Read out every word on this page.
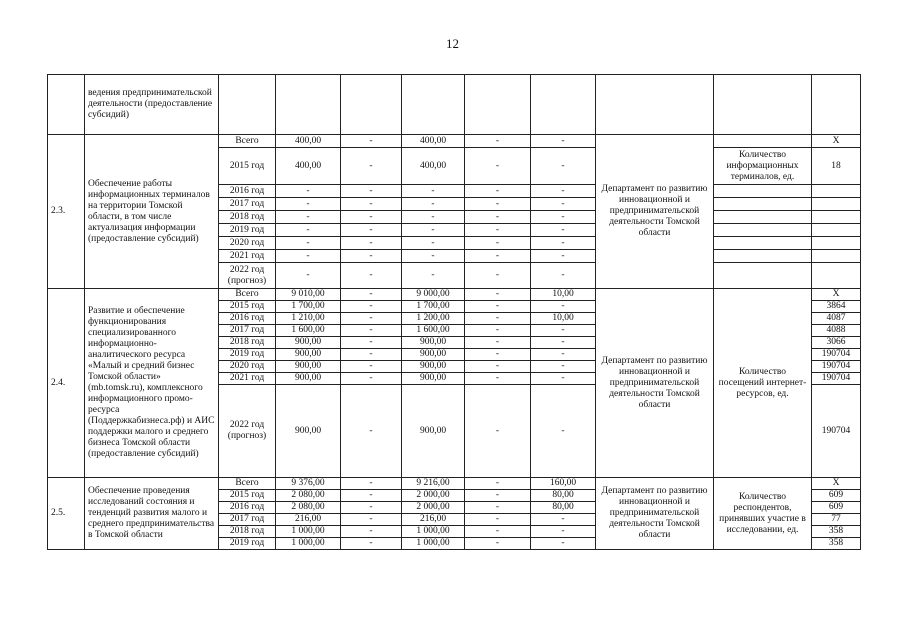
12
	ведения предпринимательской деятельности (предоставление субсидий)									
2.3.	Обеспечение работы информационных терминалов на территории Томской области, в том числе актуализация информации (предоставление субсидий)	Всего	400,00	-	400,00	-	-	Департамент по развитию инновационной и предпринимательской деятельности Томской области		X
		2015 год	400,00	-	400,00	-	-		Количество информационных терминалов, ед.	18
		2016 год	-	-	-	-	-			
		2017 год	-	-	-	-	-			
		2018 год	-	-	-	-	-			
		2019 год	-	-	-	-	-			
		2020 год	-	-	-	-	-			
		2021 год	-	-	-	-	-			
		2022 год (прогноз)	-	-	-	-	-			
2.4.	Развитие и обеспечение функционирования специализированного информационно-аналитического ресурса «Малый и средний бизнес Томской области» (mb.tomsk.ru), комплексного информационного промо-ресурса (Поддержкабизнеса.рф) и АИС поддержки малого и среднего бизнеса Томской области (предоставление субсидий)	Всего	9 010,00	-	9 000,00	-	10,00	Департамент по развитию инновационной и предпринимательской деятельности Томской области	Количество посещений интернет-ресурсов, ед.	X
		2015 год	1 700,00	-	1 700,00	-	-			3864
		2016 год	1 210,00	-	1 200,00	-	10,00			4087
		2017 год	1 600,00	-	1 600,00	-	-			4088
		2018 год	900,00	-	900,00	-	-			3066
		2019 год	900,00	-	900,00	-	-			190704
		2020 год	900,00	-	900,00	-	-			190704
		2021 год	900,00	-	900,00	-	-			190704
		2022 год (прогноз)	900,00	-	900,00	-	-			190704
2.5.	Обеспечение проведения исследований состояния и тенденций развития малого и среднего предпринимательства в Томской области	Всего	9 376,00	-	9 216,00	-	160,00	Департамент по развитию инновационной и предпринимательской деятельности Томской области	Количество респондентов, принявших участие в исследовании, ед.	X
		2015 год	2 080,00	-	2 000,00	-	80,00			609
		2016 год	2 080,00	-	2 000,00	-	80,00			609
		2017 год	216,00	-	216,00	-	-			77
		2018 год	1 000,00	-	1 000,00	-	-			358
		2019 год	1 000,00	-	1 000,00	-	-			358
